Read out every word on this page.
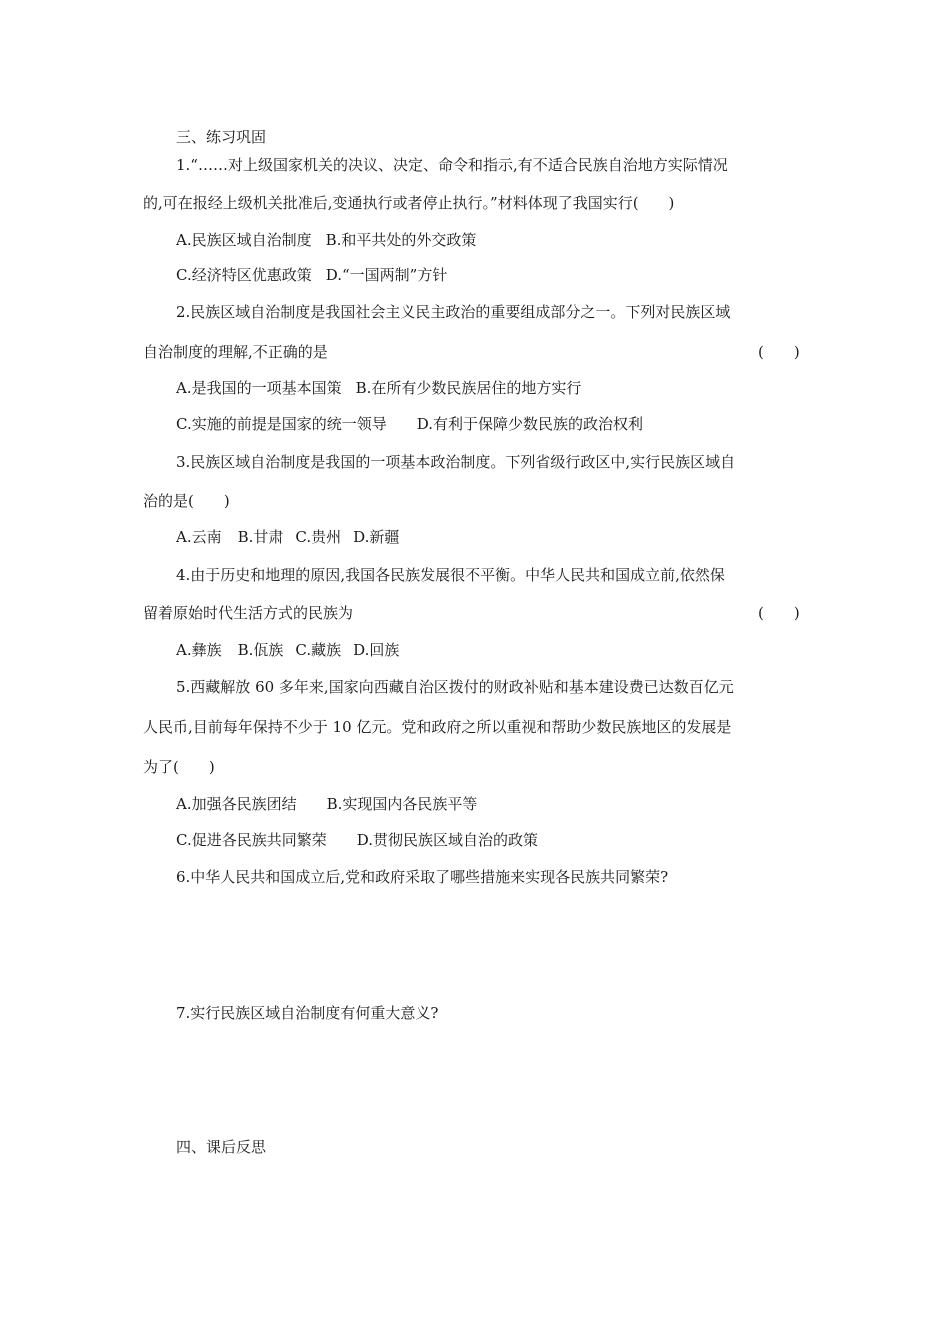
三、练习巩固
1.“……对上级国家机关的决议、决定、命令和指示,有不适合民族自治地方实际情况
的,可在报经上级机关批准后,变通执行或者停止执行。”材料体现了我国实行(　　)
A.民族区域自治制度 B.和平共处的外交政策
C.经济特区优惠政策 D.“一国两制”方针
2.民族区域自治制度是我国社会主义民主政治的重要组成部分之一。下列对民族区域
自治制度的理解,不正确的是	(　　)
A.是我国的一项基本国策 B.在所有少数民族居住的地方实行
C.实施的前提是国家的统一领导 D.有利于保障少数民族的政治权利
3.民族区域自治制度是我国的一项基本政治制度。下列省级行政区中,实行民族区域自
治的是(　　)
A.云南 B.甘肃 C.贵州 D.新疆
4.由于历史和地理的原因,我国各民族发展很不平衡。中华人民共和国成立前,依然保
留着原始时代生活方式的民族为	(　　)
A.彝族 B.佤族 C.藏族 D.回族
5.西藏解放 60 多年来,国家向西藏自治区拨付的财政补贴和基本建设费已达数百亿元
人民币,目前每年保持不少于 10 亿元。党和政府之所以重视和帮助少数民族地区的发展是
为了(　　)
A.加强各民族团结 B.实现国内各民族平等
C.促进各民族共同繁荣 D.贯彻民族区域自治的政策
6.中华人民共和国成立后,党和政府采取了哪些措施来实现各民族共同繁荣?
7.实行民族区域自治制度有何重大意义?
四、课后反思
